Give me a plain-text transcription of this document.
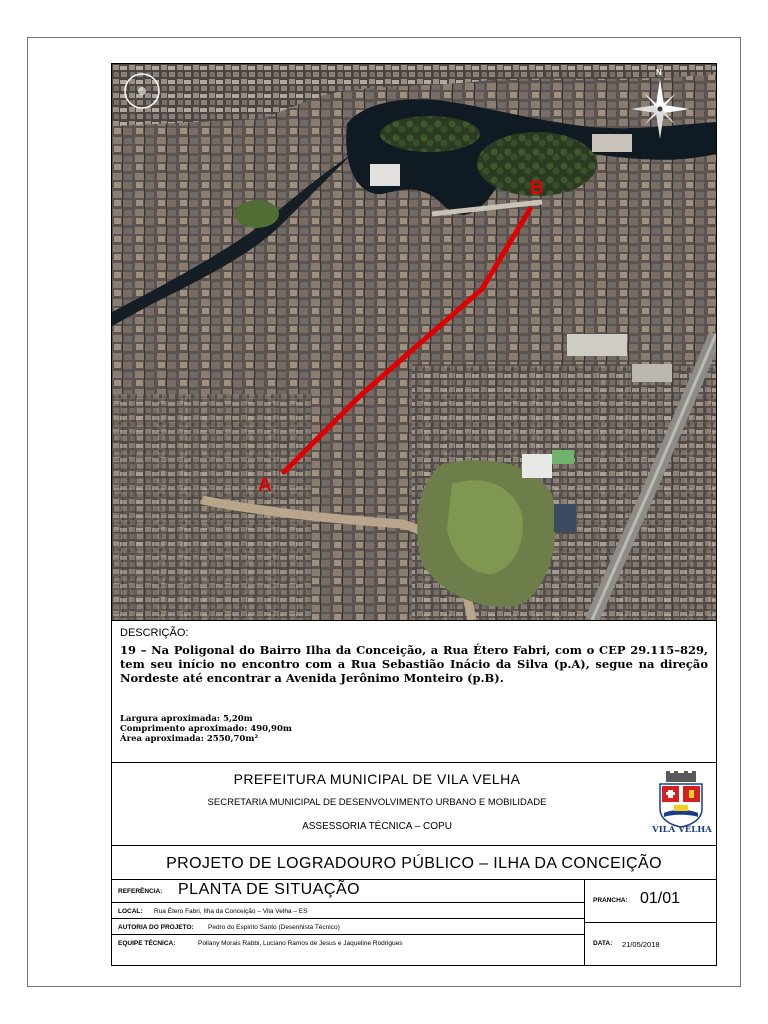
N
B
A
DESCRIÇÃO:
19 – Na Poligonal do Bairro Ilha da Conceição, a Rua Étero Fabri, com o CEP 29.115–829, tem seu início no encontro com a Rua Sebastião Inácio da Silva (p.A), segue na direção Nordeste até encontrar a Avenida Jerônimo Monteiro (p.B).
Largura aproximada: 5,20m
Comprimento aproximado: 490,90m
Área aproximada: 2550,70m²
PREFEITURA MUNICIPAL DE VILA VELHA
SECRETARIA MUNICIPAL DE DESENVOLVIMENTO URBANO E MOBILIDADE
ASSESSORIA TÉCNICA – COPU	VILA VELHA
PROJETO DE LOGRADOURO PÚBLICO – ILHA DA CONCEIÇÃO
REFERÊNCIA: PLANTA DE SITUAÇÃO
LOCAL: Rua Étero Fabri, Ilha da Conceição – Vila Velha – ES
AUTORIA DO PROJETO: Pedro do Espirito Santo (Desenhista Técnico)
EQUIPE TÉCNICA:	Pollany Morais Rabbi, Luciano Ramos de Jesus e Jaqueline Rodrigues
PRANCHA: 01/01
DATA: 21/05/2018
